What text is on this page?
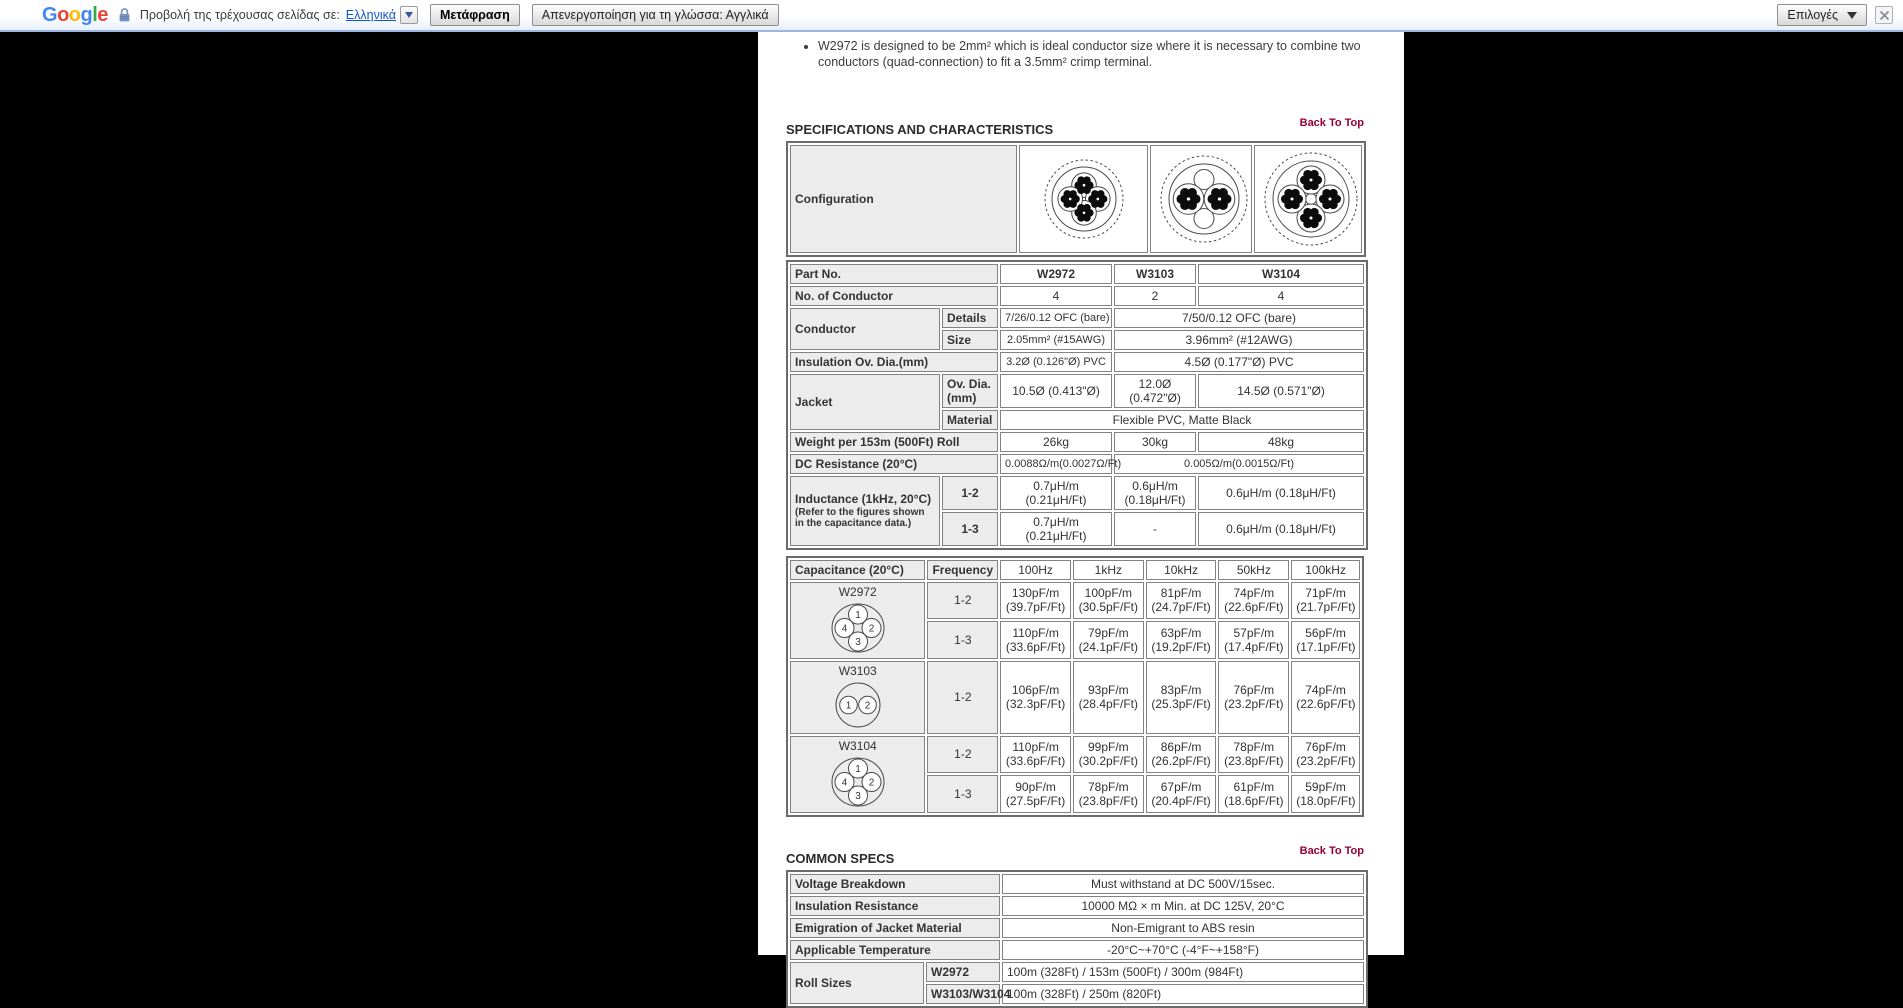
Google	Προβολή της τρέχουσας σελίδας σε: Ελληνικά	Μετάφραση	Απενεργοποίηση για τη γλώσσα: Αγγλικά	Επιλογές
• W2972 is designed to be 2mm² which is ideal conductor size where it is necessary to combine two conductors (quad-connection) to fit a 3.5mm² crimp terminal.
Back To Top
SPECIFICATIONS AND CHARACTERISTICS
Configuration	

Part No.		W2972	W3103	W3104
No. of Conductor		4	2	4
Conductor	Details	7/26/0.12 OFC (bare)	7/50/0.12 OFC (bare)	
	Size	2.05mm² (#15AWG)	3.96mm² (#12AWG)	
Insulation Ov. Dia.(mm)		3.2Ø (0.126"Ø) PVC	4.5Ø (0.177"Ø) PVC	
Jacket	Ov. Dia.(mm)	10.5Ø (0.413"Ø)	12.0Ø (0.472"Ø)	14.5Ø (0.571"Ø)
	Material	Flexible PVC, Matte Black		
Weight per 153m (500Ft) Roll		26kg	30kg	48kg
DC Resistance (20°C)		0.0088Ω/m(0.0027Ω/Ft)	0.005Ω/m(0.0015Ω/Ft)	
Inductance (1kHz, 20°C)
(Refer to the figures shown in the capacitance data.)	1-2	0.7μH/m (0.21μH/Ft)	0.6μH/m (0.18μH/Ft)	0.6μH/m (0.18μH/Ft)
	1-3	0.7μH/m (0.21μH/Ft)	-	0.6μH/m (0.18μH/Ft)
Capacitance (20°C)	Frequency	100Hz	1kHz	10kHz	50kHz	100kHz

W2972
1
2
3
4	1-2	130pF/m (39.7pF/Ft)	100pF/m (30.5pF/Ft)	81pF/m (24.7pF/Ft)	74pF/m (22.6pF/Ft)	71pF/m (21.7pF/Ft)
	1-3	110pF/m (33.6pF/Ft)	79pF/m (24.1pF/Ft)	63pF/m (19.2pF/Ft)	57pF/m (17.4pF/Ft)	56pF/m (17.1pF/Ft)

W3103
1 2	1-2	106pF/m (32.3pF/Ft)	93pF/m (28.4pF/Ft)	83pF/m (25.3pF/Ft)	76pF/m (23.2pF/Ft)	74pF/m (22.6pF/Ft)

W3104
1
2
3
4	1-2	110pF/m (33.6pF/Ft)	99pF/m (30.2pF/Ft)	86pF/m (26.2pF/Ft)	78pF/m (23.8pF/Ft)	76pF/m (23.2pF/Ft)
	1-3	90pF/m (27.5pF/Ft)	78pF/m (23.8pF/Ft)	67pF/m (20.4pF/Ft)	61pF/m (18.6pF/Ft)	59pF/m (18.0pF/Ft)
Back To Top
COMMON SPECS
Voltage Breakdown		Must withstand at DC 500V/15sec.
Insulation Resistance		10000 MΩ × m Min. at DC 125V, 20°C
Emigration of Jacket Material		Non-Emigrant to ABS resin
Applicable Temperature		-20°C~+70°C (-4°F~+158°F)
Roll Sizes	W2972	100m (328Ft) / 153m (500Ft) / 300m (984Ft)
	W3103/W3104	100m (328Ft) / 250m (820Ft)
